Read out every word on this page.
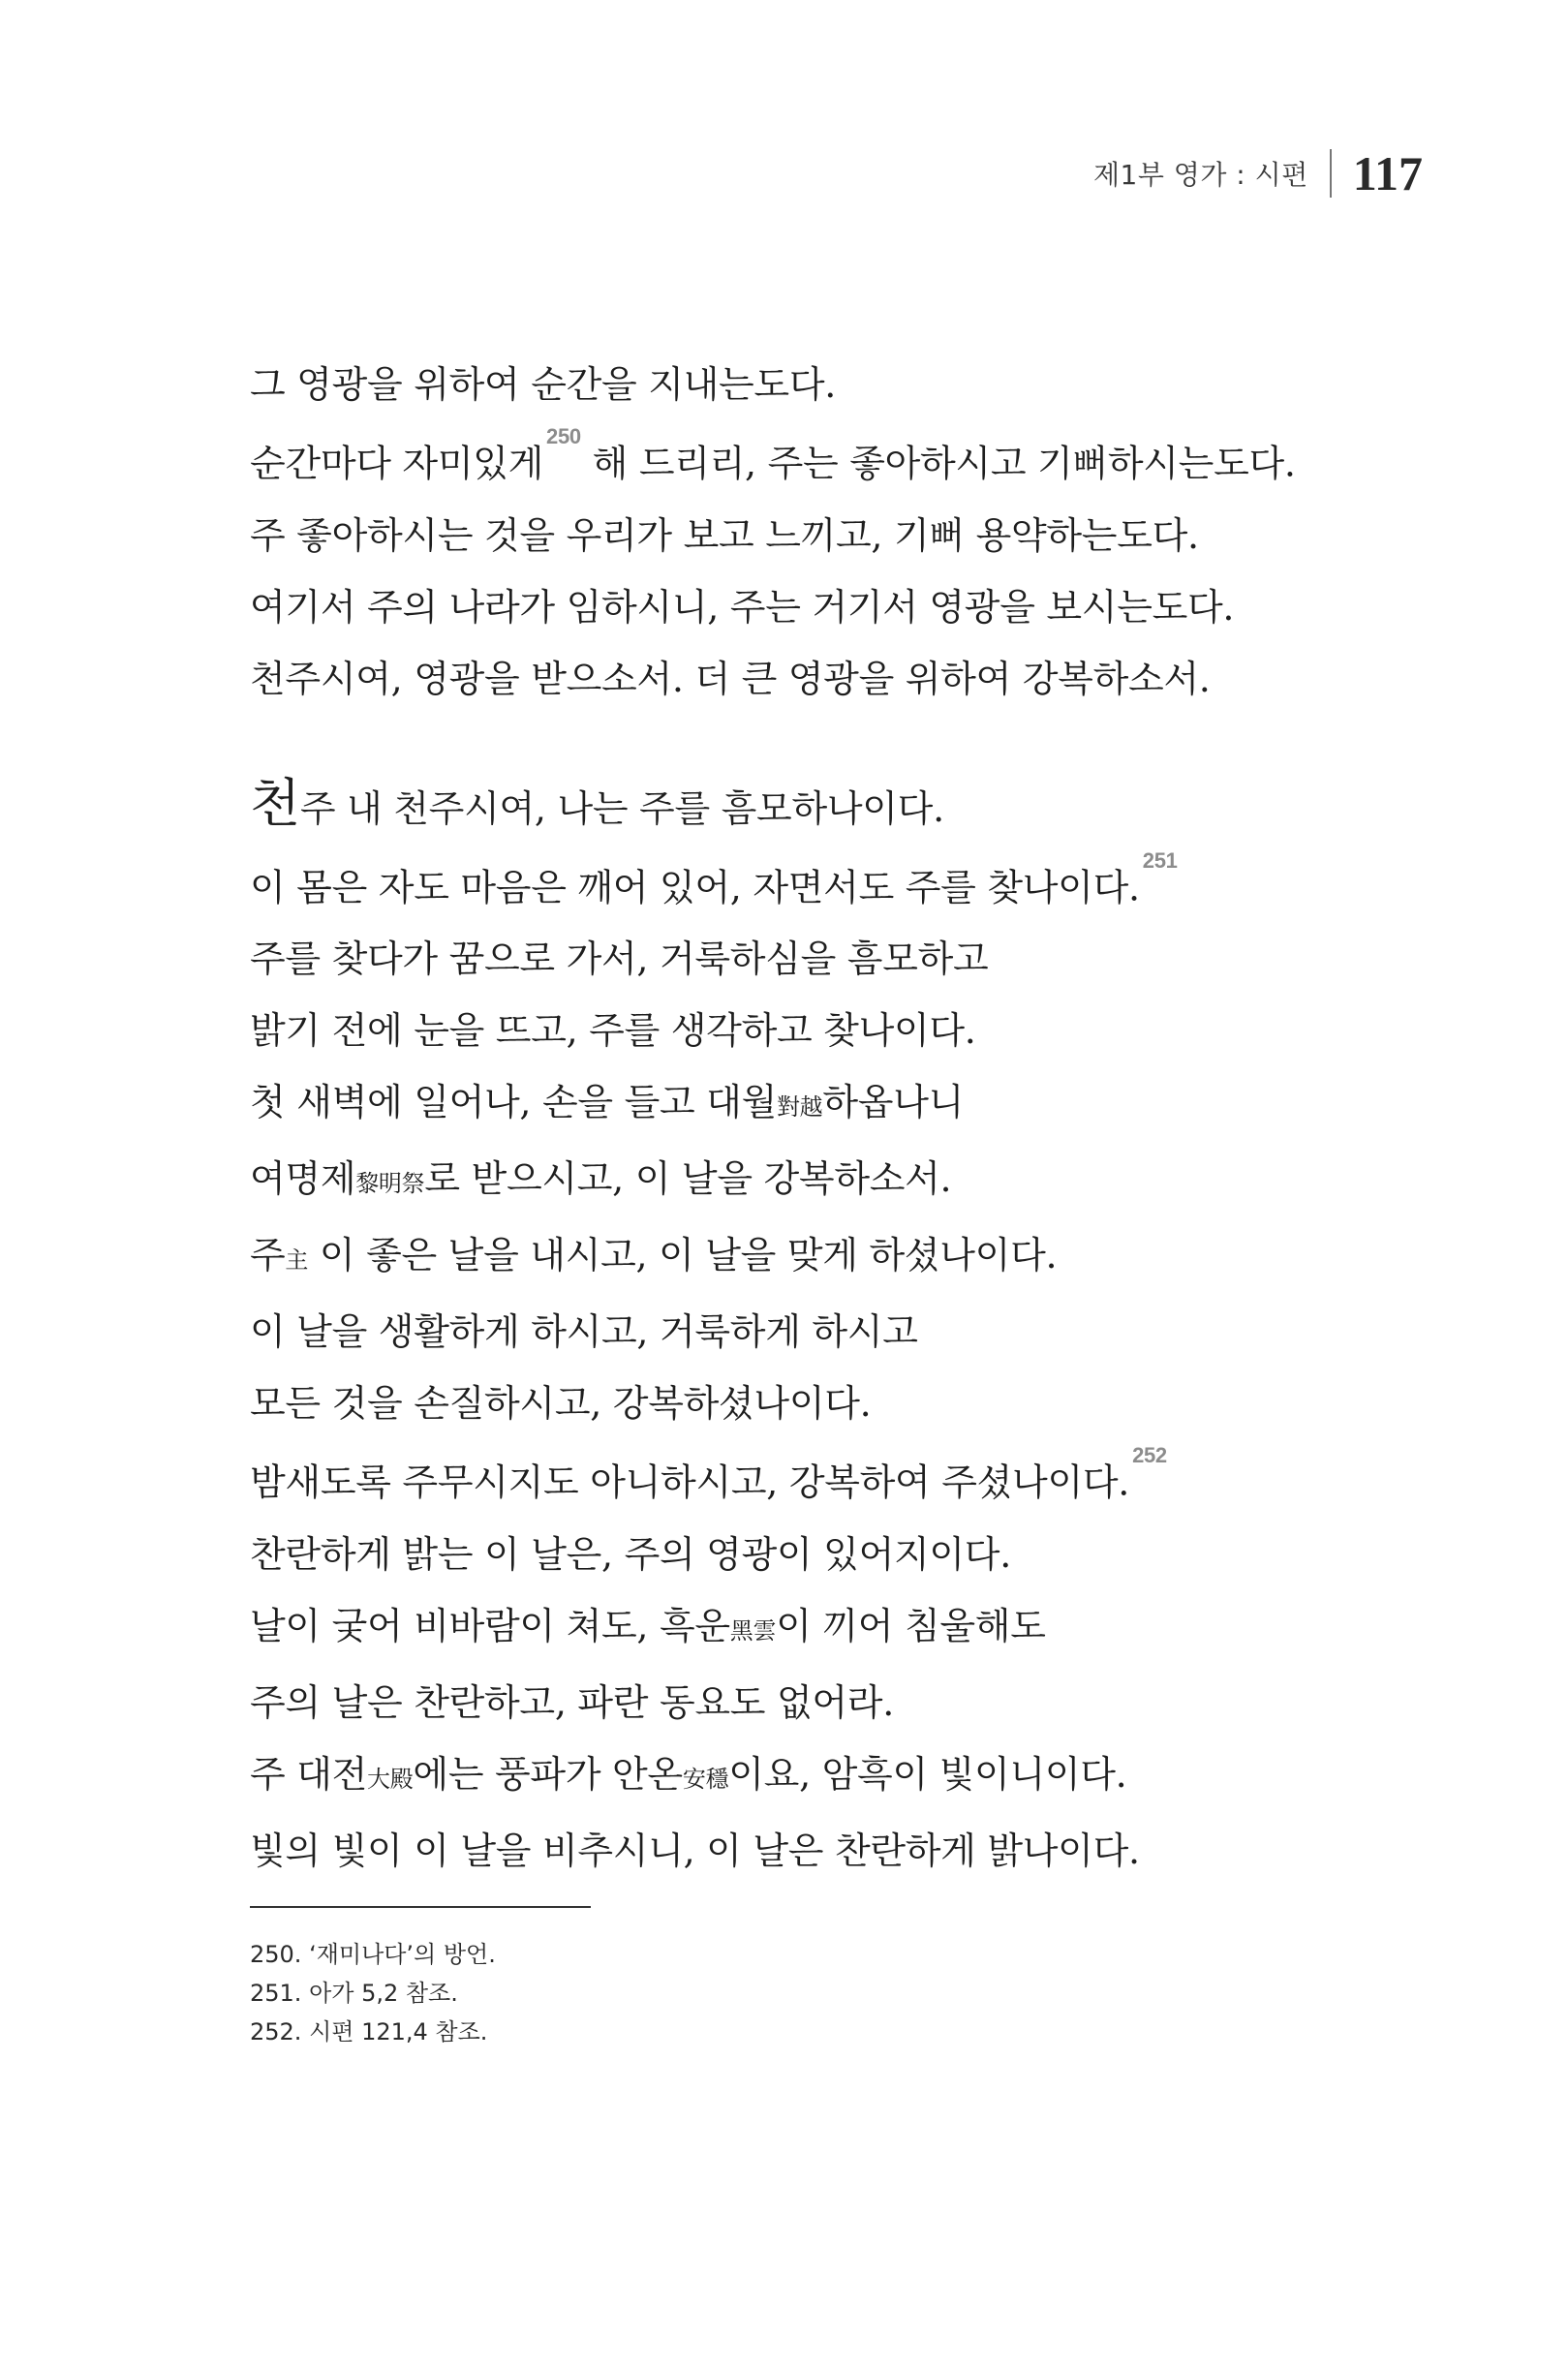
제1부 영가 : 시편 117
그 영광을 위하여 순간을 지내는도다.
순간마다 자미있게$^{250}$ 해 드리리, 주는 좋아하시고 기뻐하시는도다.
주 좋아하시는 것을 우리가 보고 느끼고, 기뻐 용약하는도다.
여기서 주의 나라가 임하시니, 주는 거기서 영광을 보시는도다.
천주시여, 영광을 받으소서. 더 큰 영광을 위하여 강복하소서.
천주 내 천주시여, 나는 주를 흠모하나이다.
이 몸은 자도 마음은 깨어 있어, 자면서도 주를 찾나이다.$^{251}$
주를 찾다가 꿈으로 가서, 거룩하심을 흠모하고
밝기 전에 눈을 뜨고, 주를 생각하고 찾나이다.
첫 새벽에 일어나, 손을 들고 대월對越하옵나니
여명제黎明祭로 받으시고, 이 날을 강복하소서.
주主 이 좋은 날을 내시고, 이 날을 맞게 하셨나이다.
이 날을 생활하게 하시고, 거룩하게 하시고
모든 것을 손질하시고, 강복하셨나이다.
밤새도록 주무시지도 아니하시고, 강복하여 주셨나이다.$^{252}$
찬란하게 밝는 이 날은, 주의 영광이 있어지이다.
날이 궂어 비바람이 쳐도, 흑운黑雲이 끼어 침울해도
주의 날은 찬란하고, 파란 동요도 없어라.
주 대전大殿에는 풍파가 안온安穩이요, 암흑이 빛이니이다.
빛의 빛이 이 날을 비추시니, 이 날은 찬란하게 밝나이다.
250. ‘재미나다’의 방언.
251. 아가 5,2 참조.
252. 시편 121,4 참조.
